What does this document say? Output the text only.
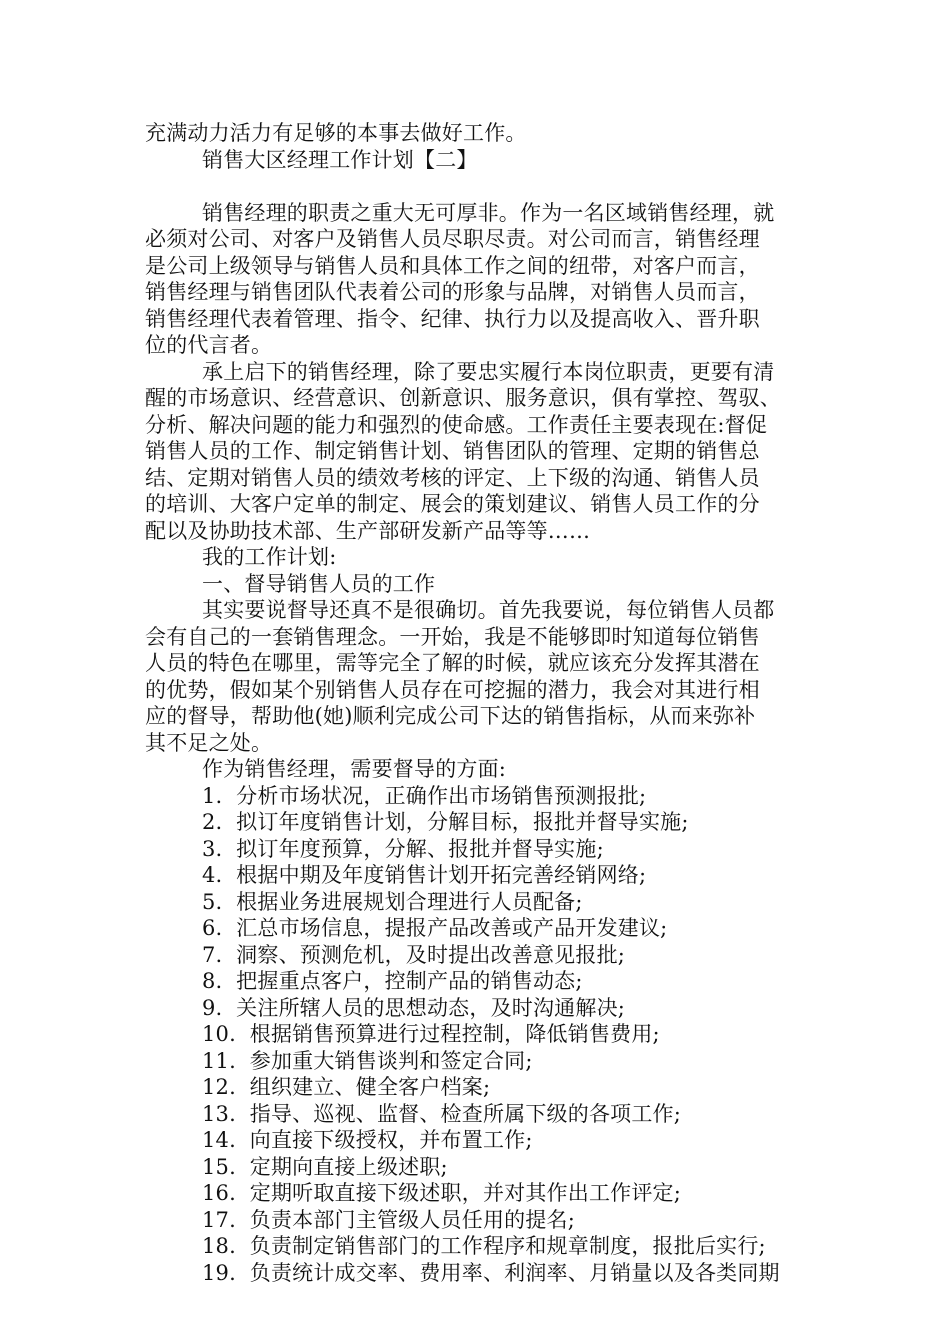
充满动力活力有足够的本事去做好工作。
销售大区经理工作计划【二】
销售经理的职责之重大无可厚非。作为一名区域销售经理，就
必须对公司、对客户及销售人员尽职尽责。对公司而言，销售经理
是公司上级领导与销售人员和具体工作之间的纽带，对客户而言，
销售经理与销售团队代表着公司的形象与品牌，对销售人员而言，
销售经理代表着管理、指令、纪律、执行力以及提高收入、晋升职
位的代言者。
承上启下的销售经理，除了要忠实履行本岗位职责，更要有清
醒的市场意识、经营意识、创新意识、服务意识，俱有掌控、驾驭、
分析、解决问题的能力和强烈的使命感。工作责任主要表现在:督促
销售人员的工作、制定销售计划、销售团队的管理、定期的销售总
结、定期对销售人员的绩效考核的评定、上下级的沟通、销售人员
的培训、大客户定单的制定、展会的策划建议、销售人员工作的分
配以及协助技术部、生产部研发新产品等等……
我的工作计划:
一、督导销售人员的工作
其实要说督导还真不是很确切。首先我要说，每位销售人员都
会有自己的一套销售理念。一开始，我是不能够即时知道每位销售
人员的特色在哪里，需等完全了解的时候，就应该充分发挥其潜在
的优势，假如某个别销售人员存在可挖掘的潜力，我会对其进行相
应的督导，帮助他(她)顺利完成公司下达的销售指标，从而来弥补
其不足之处。
作为销售经理，需要督导的方面:
1.  分析市场状况，正确作出市场销售预测报批;
2.  拟订年度销售计划，分解目标，报批并督导实施;
3.  拟订年度预算，分解、报批并督导实施;
4.  根据中期及年度销售计划开拓完善经销网络;
5.  根据业务进展规划合理进行人员配备;
6.  汇总市场信息，提报产品改善或产品开发建议;
7.  洞察、预测危机，及时提出改善意见报批;
8.  把握重点客户，控制产品的销售动态;
9.  关注所辖人员的思想动态，及时沟通解决;
10.  根据销售预算进行过程控制，降低销售费用;
11.  参加重大销售谈判和签定合同;
12.  组织建立、健全客户档案;
13.  指导、巡视、监督、检查所属下级的各项工作;
14.  向直接下级授权，并布置工作;
15.  定期向直接上级述职;
16.  定期听取直接下级述职，并对其作出工作评定;
17.  负责本部门主管级人员任用的提名;
18.  负责制定销售部门的工作程序和规章制度，报批后实行;
19.  负责统计成交率、费用率、利润率、月销量以及各类同期
